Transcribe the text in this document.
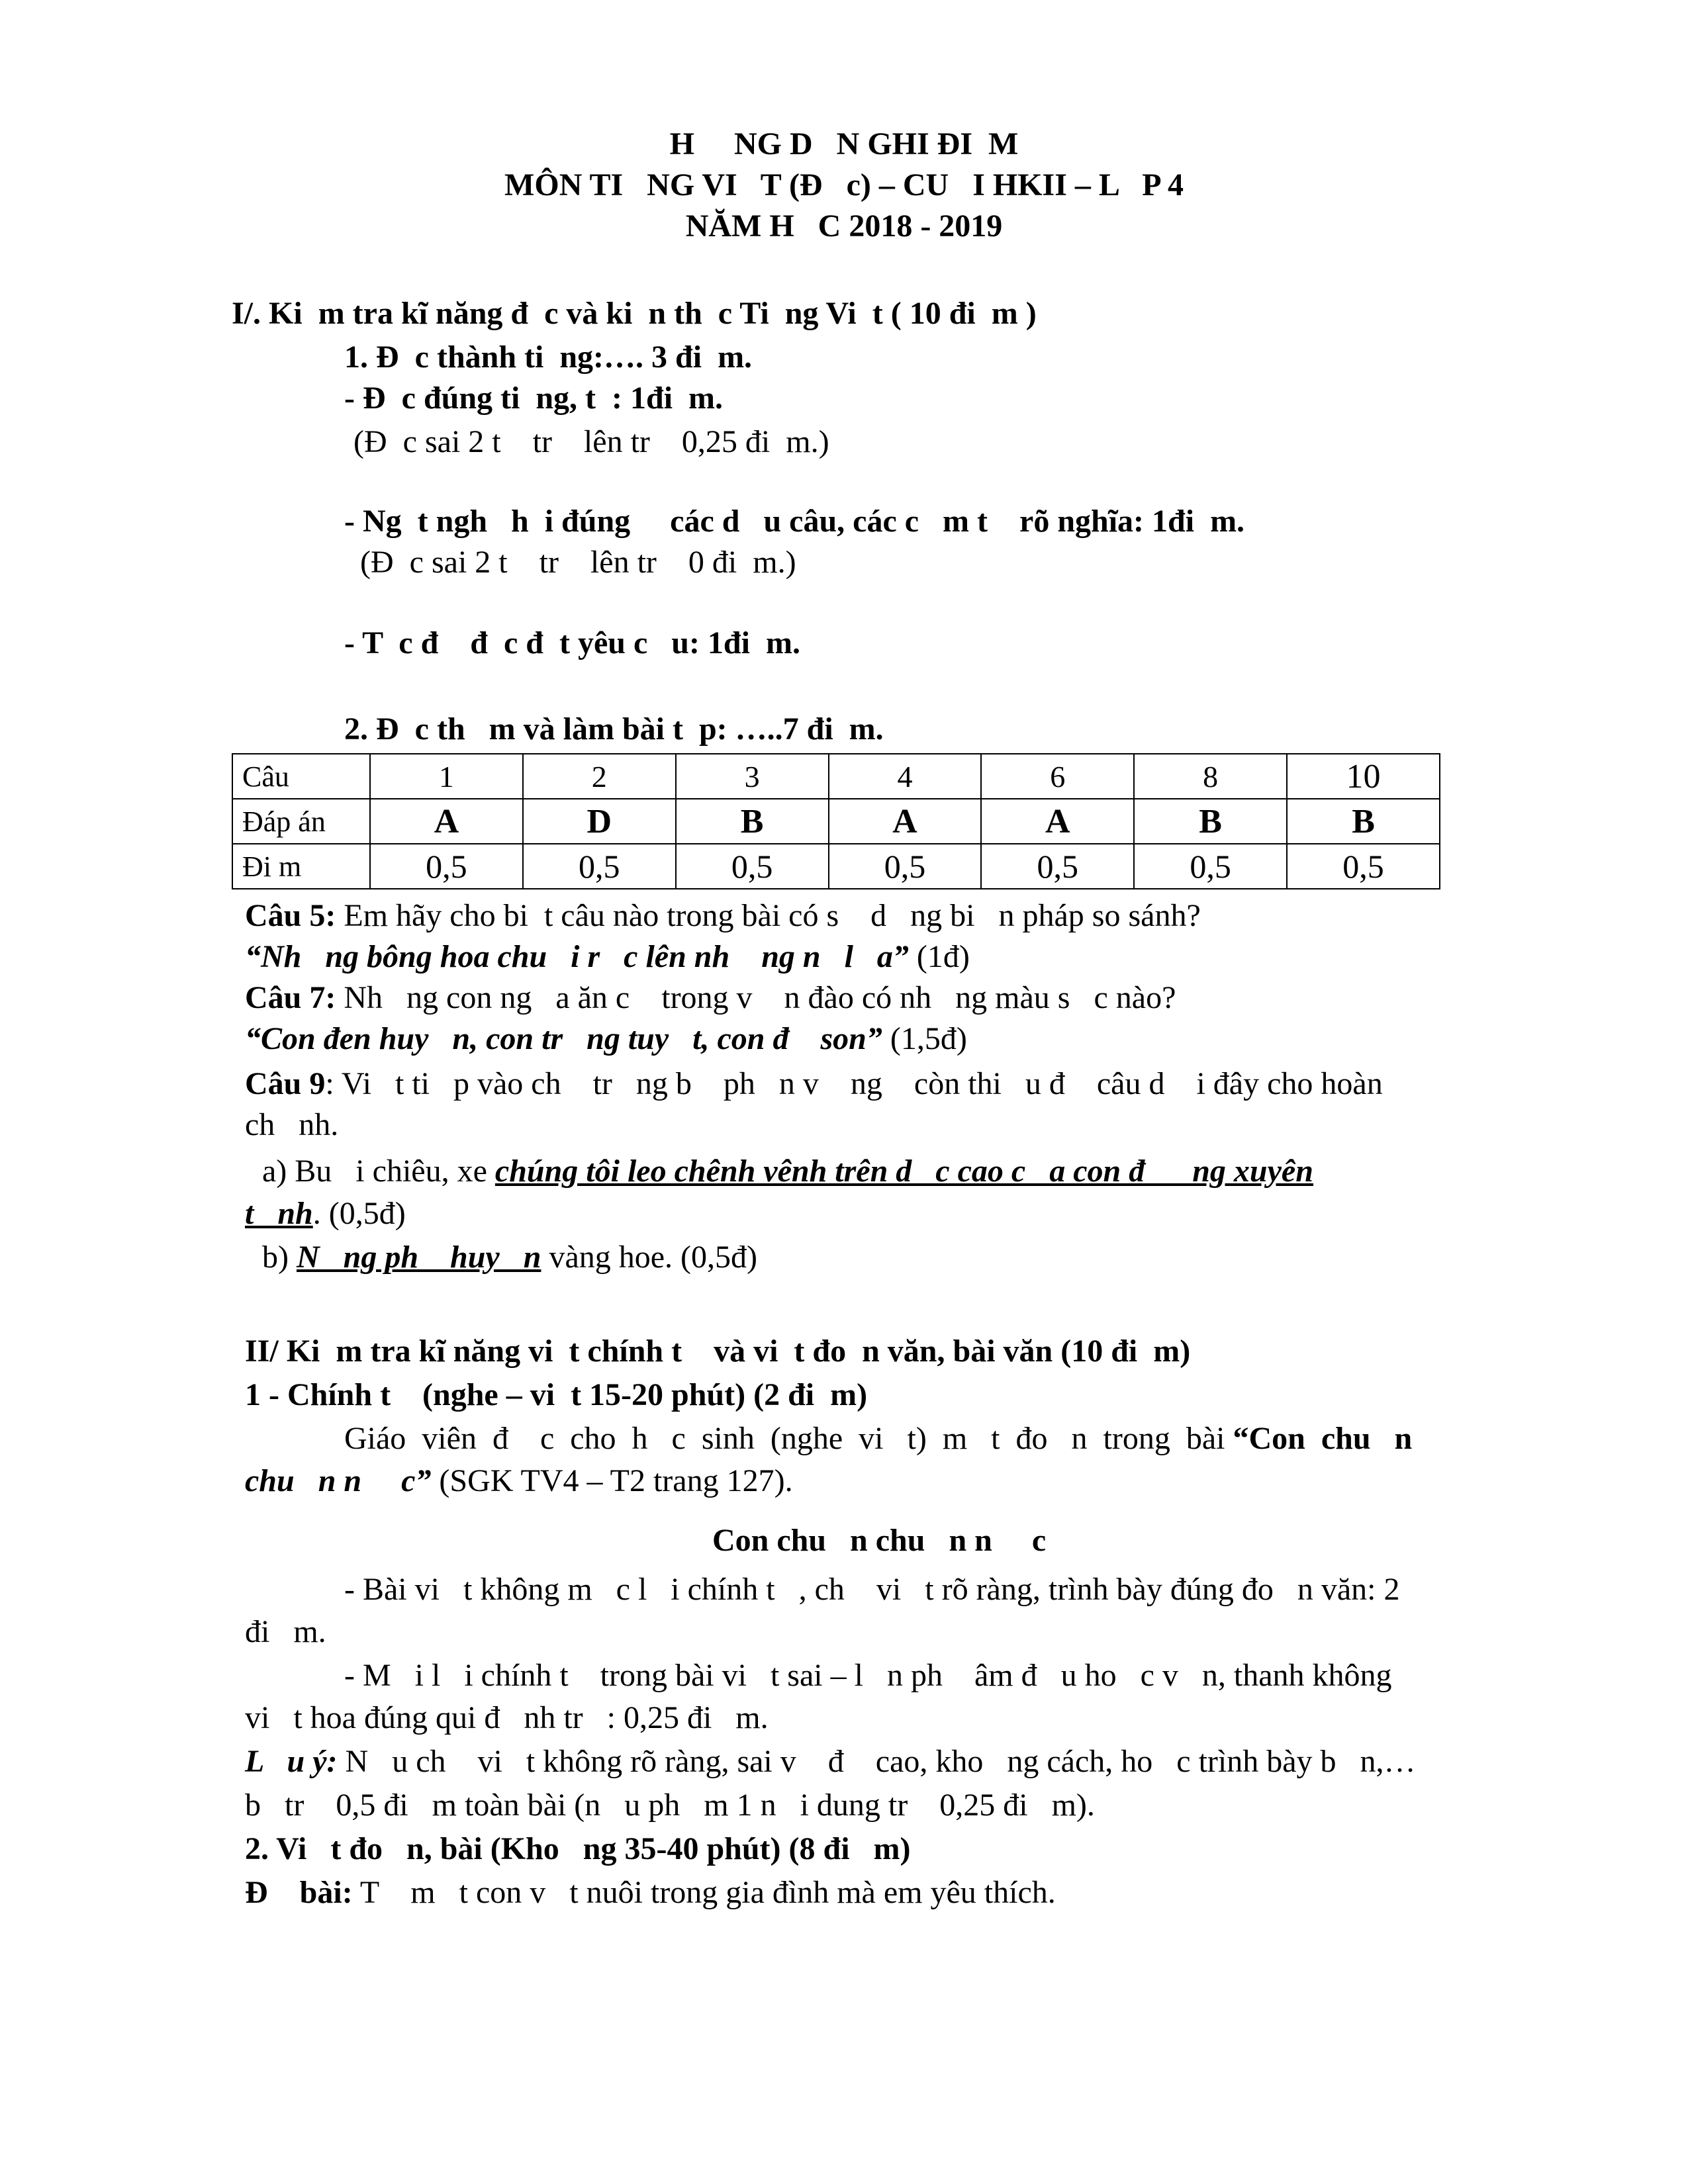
H     NG D   N GHI ĐI  M
MÔN TI   NG VI   T (Đ   c) – CU   I HKII – L   P 4
NĂM H   C 2018 - 2019
I/. Ki  m tra kĩ năng đ  c và ki  n th  c Ti  ng Vi  t ( 10 đi  m )
1. Đ  c thành ti  ng:…. 3 đi  m.
- Đ  c đúng ti  ng, t  : 1đi  m.
(Đ  c sai 2 t    tr    lên tr    0,25 đi  m.)
- Ng  t ngh   h  i đúng     các d   u câu, các c   m t    rõ nghĩa: 1đi  m.
(Đ  c sai 2 t    tr    lên tr    0 đi  m.)
- T  c đ    đ  c đ  t yêu c   u: 1đi  m.
2. Đ  c th   m và làm bài t  p: …..7 đi  m.
Câu	1	2	3	4	6	8	10
Đáp án	A	D	B	A	A	B	B
Đi m	0,5	0,5	0,5	0,5	0,5	0,5	0,5
Câu 5: Em hãy cho bi  t câu nào trong bài có s    d   ng bi   n pháp so sánh?
“Nh   ng bông hoa chu   i r   c lên nh    ng n   l   a” (1đ)
Câu 7: Nh   ng con ng   a ăn c    trong v    n đào có nh   ng màu s   c nào?
“Con đen huy   n, con tr   ng tuy   t, con đ    son” (1,5đ)
Câu 9: Vi   t ti   p vào ch    tr   ng b    ph   n v    ng    còn thi   u đ    câu d    i đây cho hoàn
ch   nh.
a) Bu   i chiêu, xe chúng tôi leo chênh vênh trên d   c cao c   a con đ      ng xuyên
t   nh. (0,5đ)
b) N   ng ph    huy   n vàng hoe. (0,5đ)
II/ Ki  m tra kĩ năng vi  t chính t    và vi  t đo  n văn, bài văn (10 đi  m)
1 - Chính t    (nghe – vi  t 15-20 phút) (2 đi  m)
Giáo  viên  đ    c  cho  h   c  sinh  (nghe  vi   t)  m   t  đo   n  trong  bài “Con  chu   n
chu   n n     c” (SGK TV4 – T2 trang 127).
Con chu   n chu   n n     c
- Bài vi   t không m   c l   i chính t   , ch    vi   t rõ ràng, trình bày đúng đo   n văn: 2
đi   m.
- M   i l   i chính t    trong bài vi   t sai – l   n ph    âm đ   u ho   c v   n, thanh không
vi   t hoa đúng qui đ   nh tr   : 0,25 đi   m.
L   u ý: N   u ch    vi   t không rõ ràng, sai v    đ    cao, kho   ng cách, ho   c trình bày b   n,…
b   tr    0,5 đi   m toàn bài (n   u ph   m 1 n   i dung tr    0,25 đi   m).
2. Vi   t đo   n, bài (Kho   ng 35-40 phút) (8 đi   m)
Đ    bài: T    m   t con v   t nuôi trong gia đình mà em yêu thích.
